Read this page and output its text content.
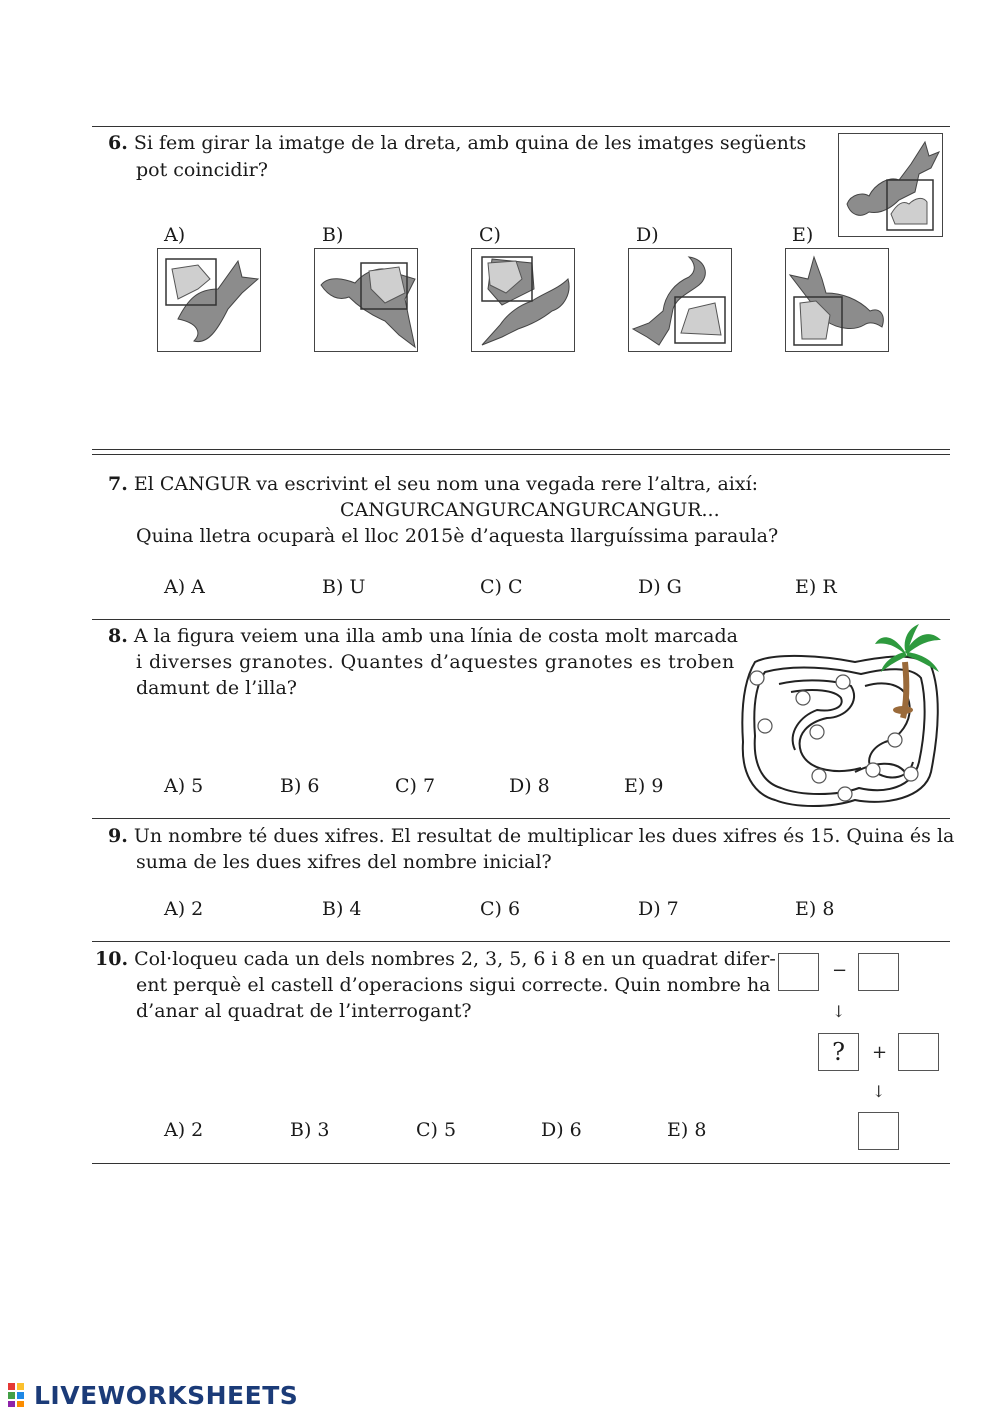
6. Si fem girar la imatge de la dreta, amb quina de les imatges següents
pot coincidir?
A)	B)	C)	D)	E)
7. El CANGUR va escrivint el seu nom una vegada rere l’altra, així:
CANGURCANGURCANGURCANGUR...
Quina lletra ocuparà el lloc 2015è d’aquesta llarguíssima paraula?
A) A	B) U	C) C	D) G	E) R
8. A la figura veiem una illa amb una línia de costa molt marcada
i diverses granotes. Quantes d’aquestes granotes es troben
damunt de l’illa?
A) 5	B) 6	C) 7	D) 8	E) 9
9. Un nombre té dues xifres. El resultat de multiplicar les dues xifres és 15. Quina és la
suma de les dues xifres del nombre inicial?
A) 2	B) 4	C) 6	D) 7	E) 8
10. Col·loqueu cada un dels nombres 2, 3, 5, 6 i 8 en un quadrat difer-
ent perquè el castell d’operacions sigui correcte. Quin nombre ha
d’anar al quadrat de l’interrogant?
A) 2	B) 3	C) 5	D) 6	E) 8
−
↓
?	+
↓
LIVEWORKSHEETS
